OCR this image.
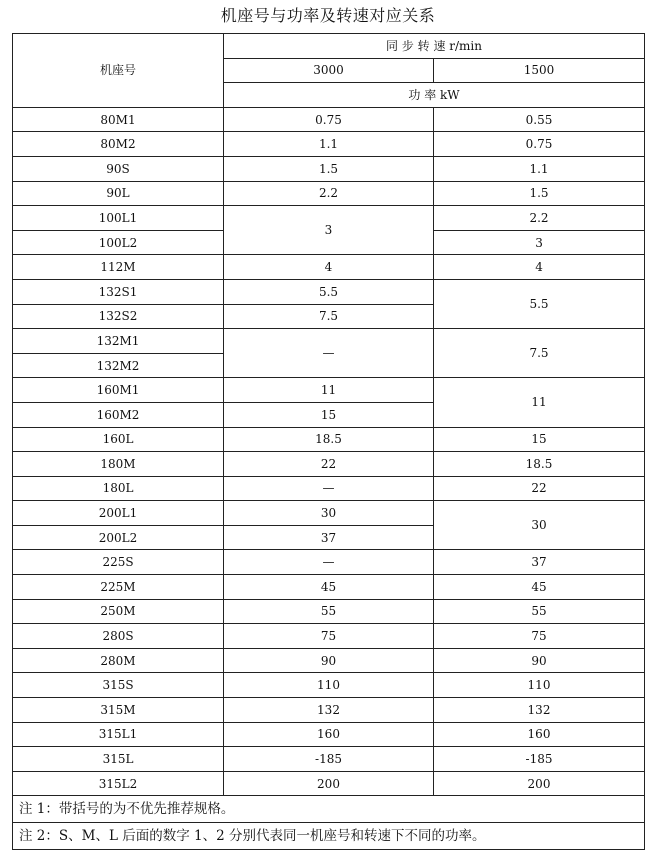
机座号与功率及转速对应关系
机座号	同 步 转 速 r/min	
	3000	1500
	功 率 kW	
80M1	0.75	0.55
80M2	1.1	0.75
90S	1.5	1.1
90L	2.2	1.5
100L1	3	2.2
100L2		3
112M	4	4
132S1	5.5	5.5
132S2	7.5	
132M1	—	7.5
132M2		
160M1	11	11
160M2	15	
160L	18.5	15
180M	22	18.5
180L	—	22
200L1	30	30
200L2	37	
225S	—	37
225M	45	45
250M	55	55
280S	75	75
280M	90	90
315S	110	110
315M	132	132
315L1	160	160
315L	-185	-185
315L2	200	200
注 1：带括号的为不优先推荐规格。		
注 2：S、M、L 后面的数字 1、2 分别代表同一机座号和转速下不同的功率。		
